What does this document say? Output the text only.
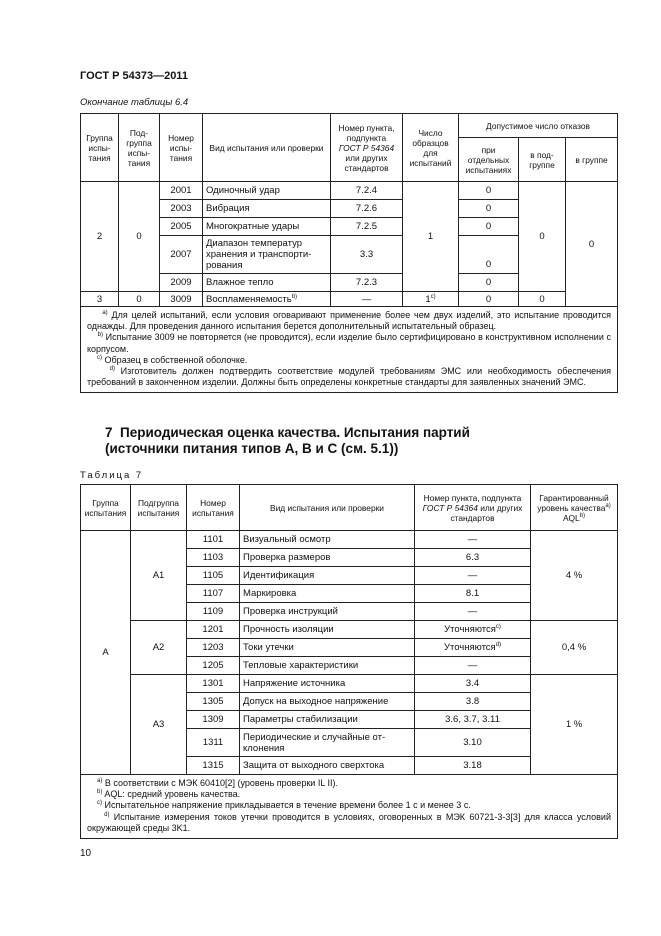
ГОСТ Р 54373—2011
Окончание таблицы 6.4
Группа испы-тания	Под-группа испы-тания	Номер испы-тания	Вид испытания или проверки	Номер пункта, подпункта
ГОСТ Р 54364
или других стандартов	Число образцов для испытаний	Допустимое число отказов		
						при отдельных испытаниях	в под-группе	в группе
2	0	2001	Одиночный удар	7.2.4	1	0	0	0
		2003	Вибрация	7.2.6		0		
		2005	Многократные удары	7.2.5		0		
		2007	Диапазон температур хранения и транспорти-рования	3.3		0		
		2009	Влажное тепло	7.2.3		0		
3	0	3009	Воспламеняемость$^{b)}$	—	1$^{c)}$	0	0	

$^{a)}$ Для целей испытаний, если условия оговаривают применение более чем двух изделий, это испытание проводится однажды. Для проведения данного испытания берется дополнительный испытательный образец.
$^{b)}$ Испытание 3009 не повторяется (не проводится), если изделие было сертифицировано в конструктивном исполнении с корпусом.
$^{c)}$ Образец в собственной оболочке.
$^{d)}$ Изготовитель должен подтвердить соответствие модулей требованиям ЭМС или необходимость обеспечения требований в законченном изделии. Должны быть определены конкретные стандарты для заявленных значений ЭМС.								
7 Периодическая оценка качества. Испытания партий
(источники питания типов A, B и C (см. 5.1))
Таблица 7
Группа испытания	Подгруппа испытания	Номер испытания	Вид испытания или проверки	Номер пункта, подпункта
ГОСТ Р 54364 или других стандартов	Гарантированный уровень качества$^{a)}$
AQL$^{b)}$
A	A1	1101	Визуальный осмотр	—	4 %
		1103	Проверка размеров	6.3	
		1105	Идентификация	—	
		1107	Маркировка	8.1	
		1109	Проверка инструкций	—	
	A2	1201	Прочность изоляции	Уточняются$^{c)}$	0,4 %
		1203	Токи утечки	Уточняются$^{d)}$
		1205	Тепловые характеристики	—	
	A3	1301	Напряжение источника	3.4	1 %
		1305	Допуск на выходное напряжение	3.8	
		1309	Параметры стабилизации	3.6, 3.7, 3.11	
		1311	Периодические и случайные от-клонения	3.10	
		1315	Защита от выходного сверхтока	3.18	

$^{a)}$ В соответствии с МЭК 60410[2] (уровень проверки IL II).
$^{b)}$ AQL: средний уровень качества.
$^{c)}$ Испытательное напряжение прикладывается в течение времени более 1 с и менее 3 с.
$^{d)}$ Испытание измерения токов утечки проводится в условиях, оговоренных в МЭК 60721-3-3[3] для класса условий окружающей среды 3K1.					
10
